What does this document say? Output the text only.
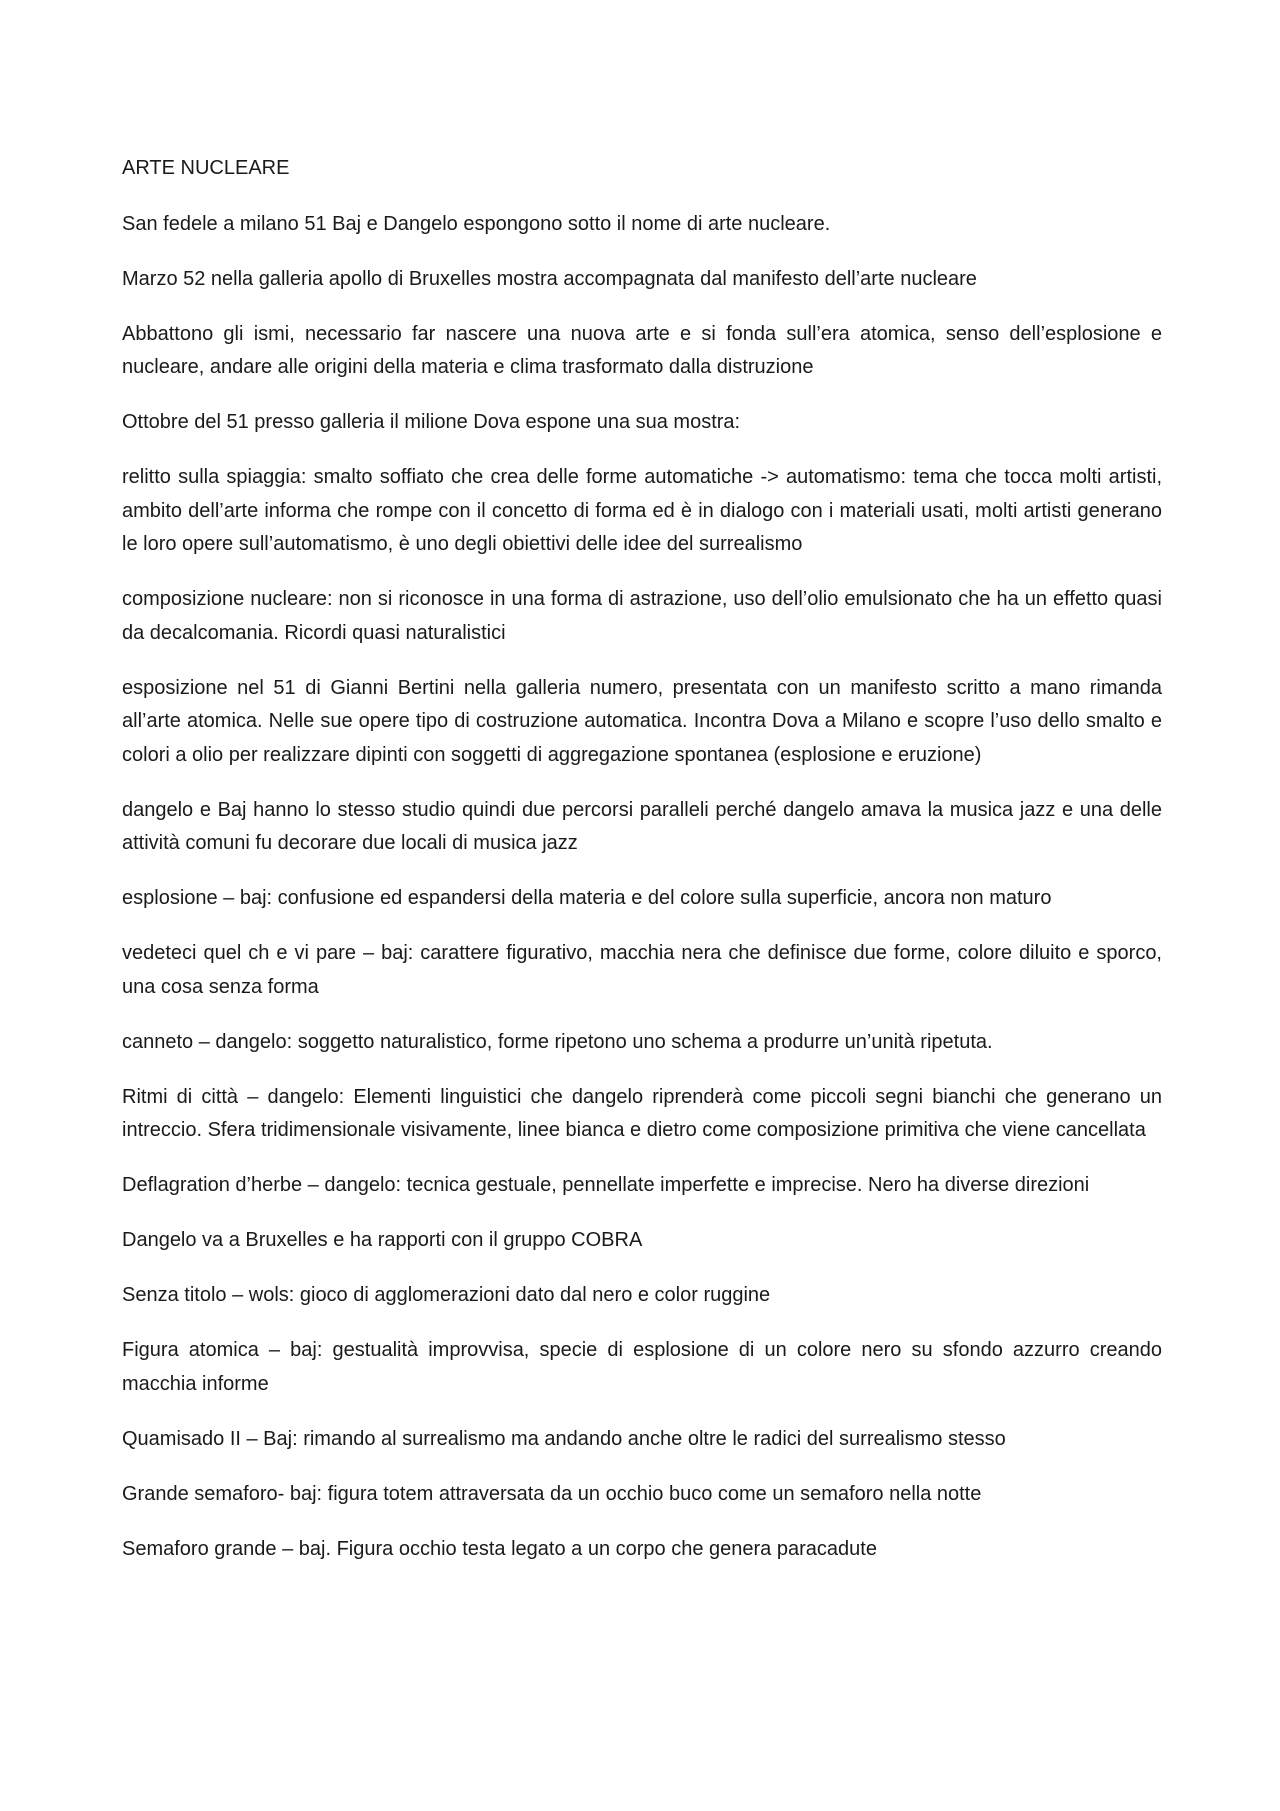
ARTE NUCLEARE

San fedele a milano 51 Baj e Dangelo espongono sotto il nome di arte nucleare.

Marzo 52 nella galleria apollo di Bruxelles mostra accompagnata dal manifesto dell’arte nucleare

Abbattono gli ismi, necessario far nascere una nuova arte e si fonda sull’era atomica, senso dell’esplosione e nucleare, andare alle origini della materia e clima trasformato dalla distruzione

Ottobre del 51 presso galleria il milione Dova espone una sua mostra:

relitto sulla spiaggia: smalto soffiato che crea delle forme automatiche -> automatismo: tema che tocca molti artisti, ambito dell’arte informa che rompe con il concetto di forma ed è in dialogo con i materiali usati, molti artisti generano le loro opere sull’automatismo, è uno degli obiettivi delle idee del surrealismo

composizione nucleare: non si riconosce in una forma di astrazione, uso dell’olio emulsionato che ha un effetto quasi da decalcomania. Ricordi quasi naturalistici

esposizione nel 51 di Gianni Bertini nella galleria numero, presentata con un manifesto scritto a mano rimanda all’arte atomica. Nelle sue opere tipo di costruzione automatica. Incontra Dova a Milano e scopre l’uso dello smalto e colori a olio per realizzare dipinti con soggetti di aggregazione spontanea (esplosione e eruzione)

dangelo e Baj hanno lo stesso studio quindi due percorsi paralleli perché dangelo amava la musica jazz e una delle attività comuni fu decorare due locali di musica jazz

esplosione – baj: confusione ed espandersi della materia e del colore sulla superficie, ancora non maturo

vedeteci quel ch e vi pare – baj: carattere figurativo, macchia nera che definisce due forme, colore diluito e sporco, una cosa senza forma

canneto – dangelo: soggetto naturalistico, forme ripetono uno schema a produrre un’unità ripetuta.

Ritmi di città – dangelo: Elementi linguistici che dangelo riprenderà come piccoli segni bianchi che generano un intreccio. Sfera tridimensionale visivamente, linee bianca e dietro come composizione primitiva che viene cancellata

Deflagration d’herbe – dangelo: tecnica gestuale, pennellate imperfette e imprecise. Nero ha diverse direzioni

Dangelo va a Bruxelles e ha rapporti con il gruppo COBRA

Senza titolo – wols: gioco di agglomerazioni dato dal nero e color ruggine

Figura atomica – baj: gestualità improvvisa, specie di esplosione di un colore nero su sfondo azzurro creando macchia informe

Quamisado II – Baj: rimando al surrealismo ma andando anche oltre le radici del surrealismo stesso

Grande semaforo- baj: figura totem attraversata da un occhio buco come un semaforo nella notte

Semaforo grande – baj. Figura occhio testa legato a un corpo che genera paracadute
